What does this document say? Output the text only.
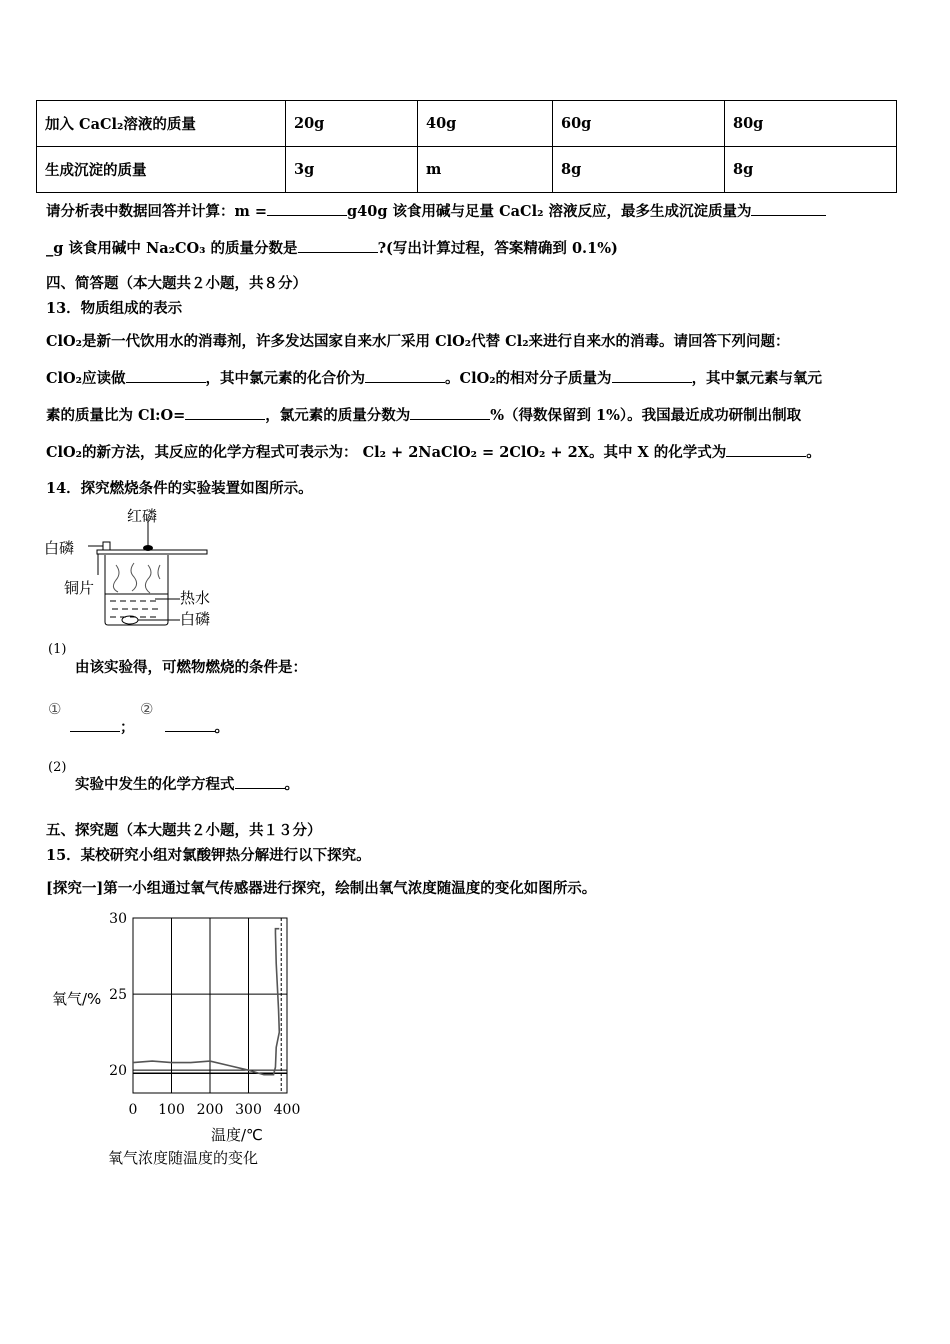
加入 CaCl₂溶液的质量	20g	40g	60g	80g
生成沉淀的质量	3g	m	8g	8g
请分析表中数据回答并计算：m =	g40g 该食用碱与足量 CaCl₂ 溶液反应，最多生成沉淀质量为
_g 该食用碱中 Na₂CO₃ 的质量分数是	?(写出计算过程，答案精确到 0.1%)
四、简答题（本大题共２小题，共８分）
13．物质组成的表示
ClO₂是新一代饮用水的消毒剂，许多发达国家自来水厂采用 ClO₂代替 Cl₂来进行自来水的消毒。请回答下列问题：
ClO₂应读做	，其中氯元素的化合价为	。ClO₂的相对分子质量为	，其中氯元素与氧元
素的质量比为 Cl:O=	，氯元素的质量分数为	%（得数保留到 1%）。我国最近成功研制出制取
ClO₂的新方法，其反应的化学方程式可表示为： Cl₂ + 2NaClO₂ = 2ClO₂ + 2X。其中 X 的化学式为	。
14．探究燃烧条件的实验装置如图所示。
红磷
白磷
铜片
热水
白磷
(1)
由该实验得，可燃物燃烧的条件是：
①	②
；	。
(2)
实验中发生的化学方程式	。
五、探究题（本大题共２小题，共１３分）
15．某校研究小组对氯酸钾热分解进行以下探究。
[探究一]第一小组通过氧气传感器进行探究，绘制出氧气浓度随温度的变化如图所示。
0 100 200 300 400
20
25
30
氧气/%
温度/℃
氧气浓度随温度的变化
